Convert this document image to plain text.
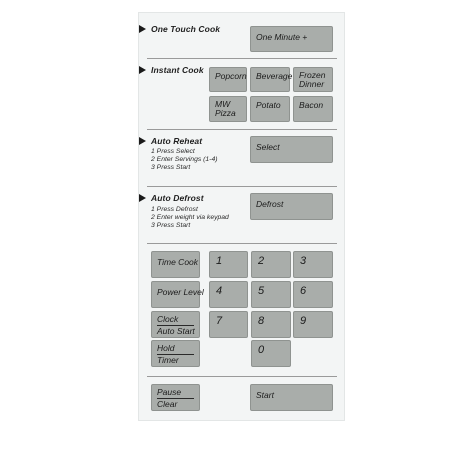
One Touch Cook
One Minute +
Instant Cook
Popcorn Beverage Frozen
Dinner
MW
Pizza
Potato	Bacon
Auto Reheat
1 Press Select
2 Enter Servings (1-4)
3 Press Start
Select
Auto Defrost
1 Press Defrost
2 Enter weight via keypad
3 Press Start
Defrost
Time Cook
Power Level
Clock
Auto Start
Hold
Timer
1	2	3
4	5	6
7	8	9
0
Pause
Clear
Start
